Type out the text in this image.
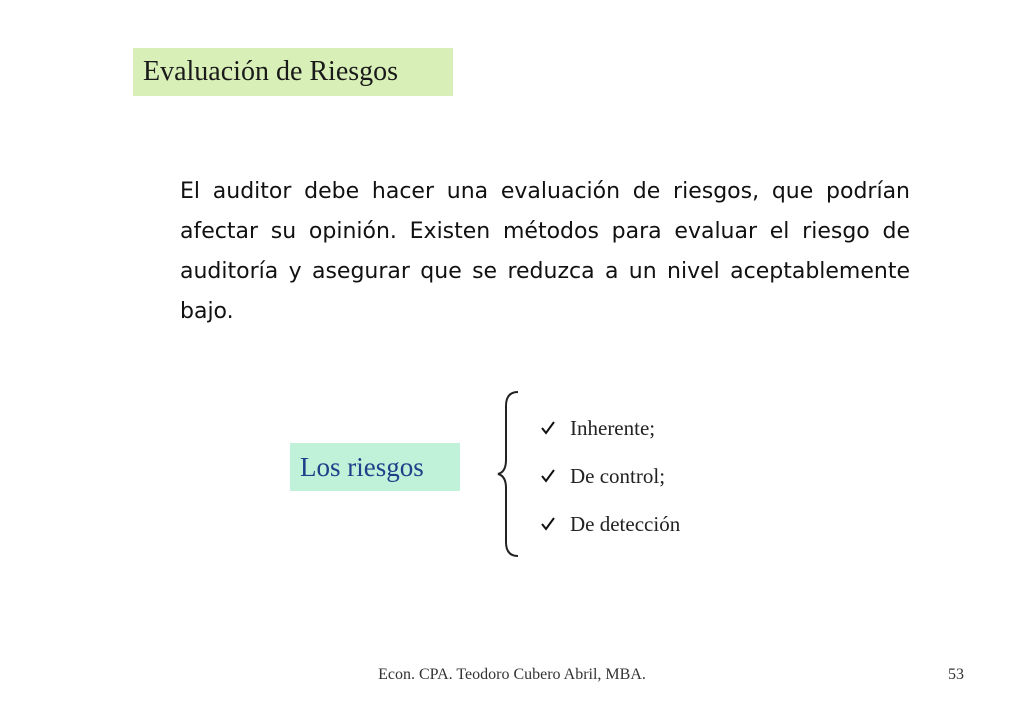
Evaluación de Riesgos
El auditor debe hacer una evaluación de riesgos, que podrían afectar su opinión. Existen métodos para evaluar el riesgo de auditoría y asegurar que se reduzca a un nivel aceptablemente bajo.
Los riesgos
Inherente;
De control;
De detección
Econ. CPA. Teodoro Cubero Abril, MBA.	53
